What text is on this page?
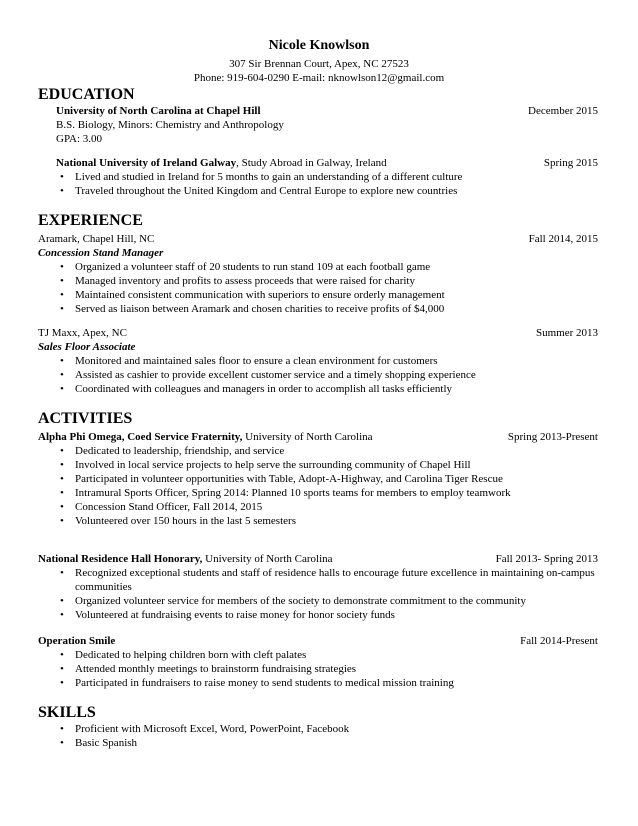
Nicole Knowlson
307 Sir Brennan Court, Apex, NC 27523
Phone: 919-604-0290 E-mail: nknowlson12@gmail.com
EDUCATION
University of North Carolina at Chapel Hill	December 2015
B.S. Biology, Minors: Chemistry and Anthropology
GPA: 3.00
National University of Ireland Galway, Study Abroad in Galway, Ireland	Spring 2015
Lived and studied in Ireland for 5 months to gain an understanding of a different culture
Traveled throughout the United Kingdom and Central Europe to explore new countries
EXPERIENCE
Aramark, Chapel Hill, NC	Fall 2014, 2015
Concession Stand Manager
Organized a volunteer staff of 20 students to run stand 109 at each football game
Managed inventory and profits to assess proceeds that were raised for charity
Maintained consistent communication with superiors to ensure orderly management
Served as liaison between Aramark and chosen charities to receive profits of $4,000
TJ Maxx, Apex, NC	Summer 2013
Sales Floor Associate
Monitored and maintained sales floor to ensure a clean environment for customers
Assisted as cashier to provide excellent customer service and a timely shopping experience
Coordinated with colleagues and managers in order to accomplish all tasks efficiently
ACTIVITIES
Alpha Phi Omega, Coed Service Fraternity, University of North Carolina	Spring 2013-Present
Dedicated to leadership, friendship, and service
Involved in local service projects to help serve the surrounding community of Chapel Hill
Participated in volunteer opportunities with Table, Adopt-A-Highway, and Carolina Tiger Rescue
Intramural Sports Officer, Spring 2014: Planned 10 sports teams for members to employ teamwork
Concession Stand Officer, Fall 2014, 2015
Volunteered over 150 hours in the last 5 semesters
National Residence Hall Honorary, University of North Carolina	Fall 2013- Spring 2013
Recognized exceptional students and staff of residence halls to encourage future excellence in maintaining on-campus communities
Organized volunteer service for members of the society to demonstrate commitment to the community
Volunteered at fundraising events to raise money for honor society funds
Operation Smile	Fall 2014-Present
Dedicated to helping children born with cleft palates
Attended monthly meetings to brainstorm fundraising strategies
Participated in fundraisers to raise money to send students to medical mission training
SKILLS
Proficient with Microsoft Excel, Word, PowerPoint, Facebook
Basic Spanish
